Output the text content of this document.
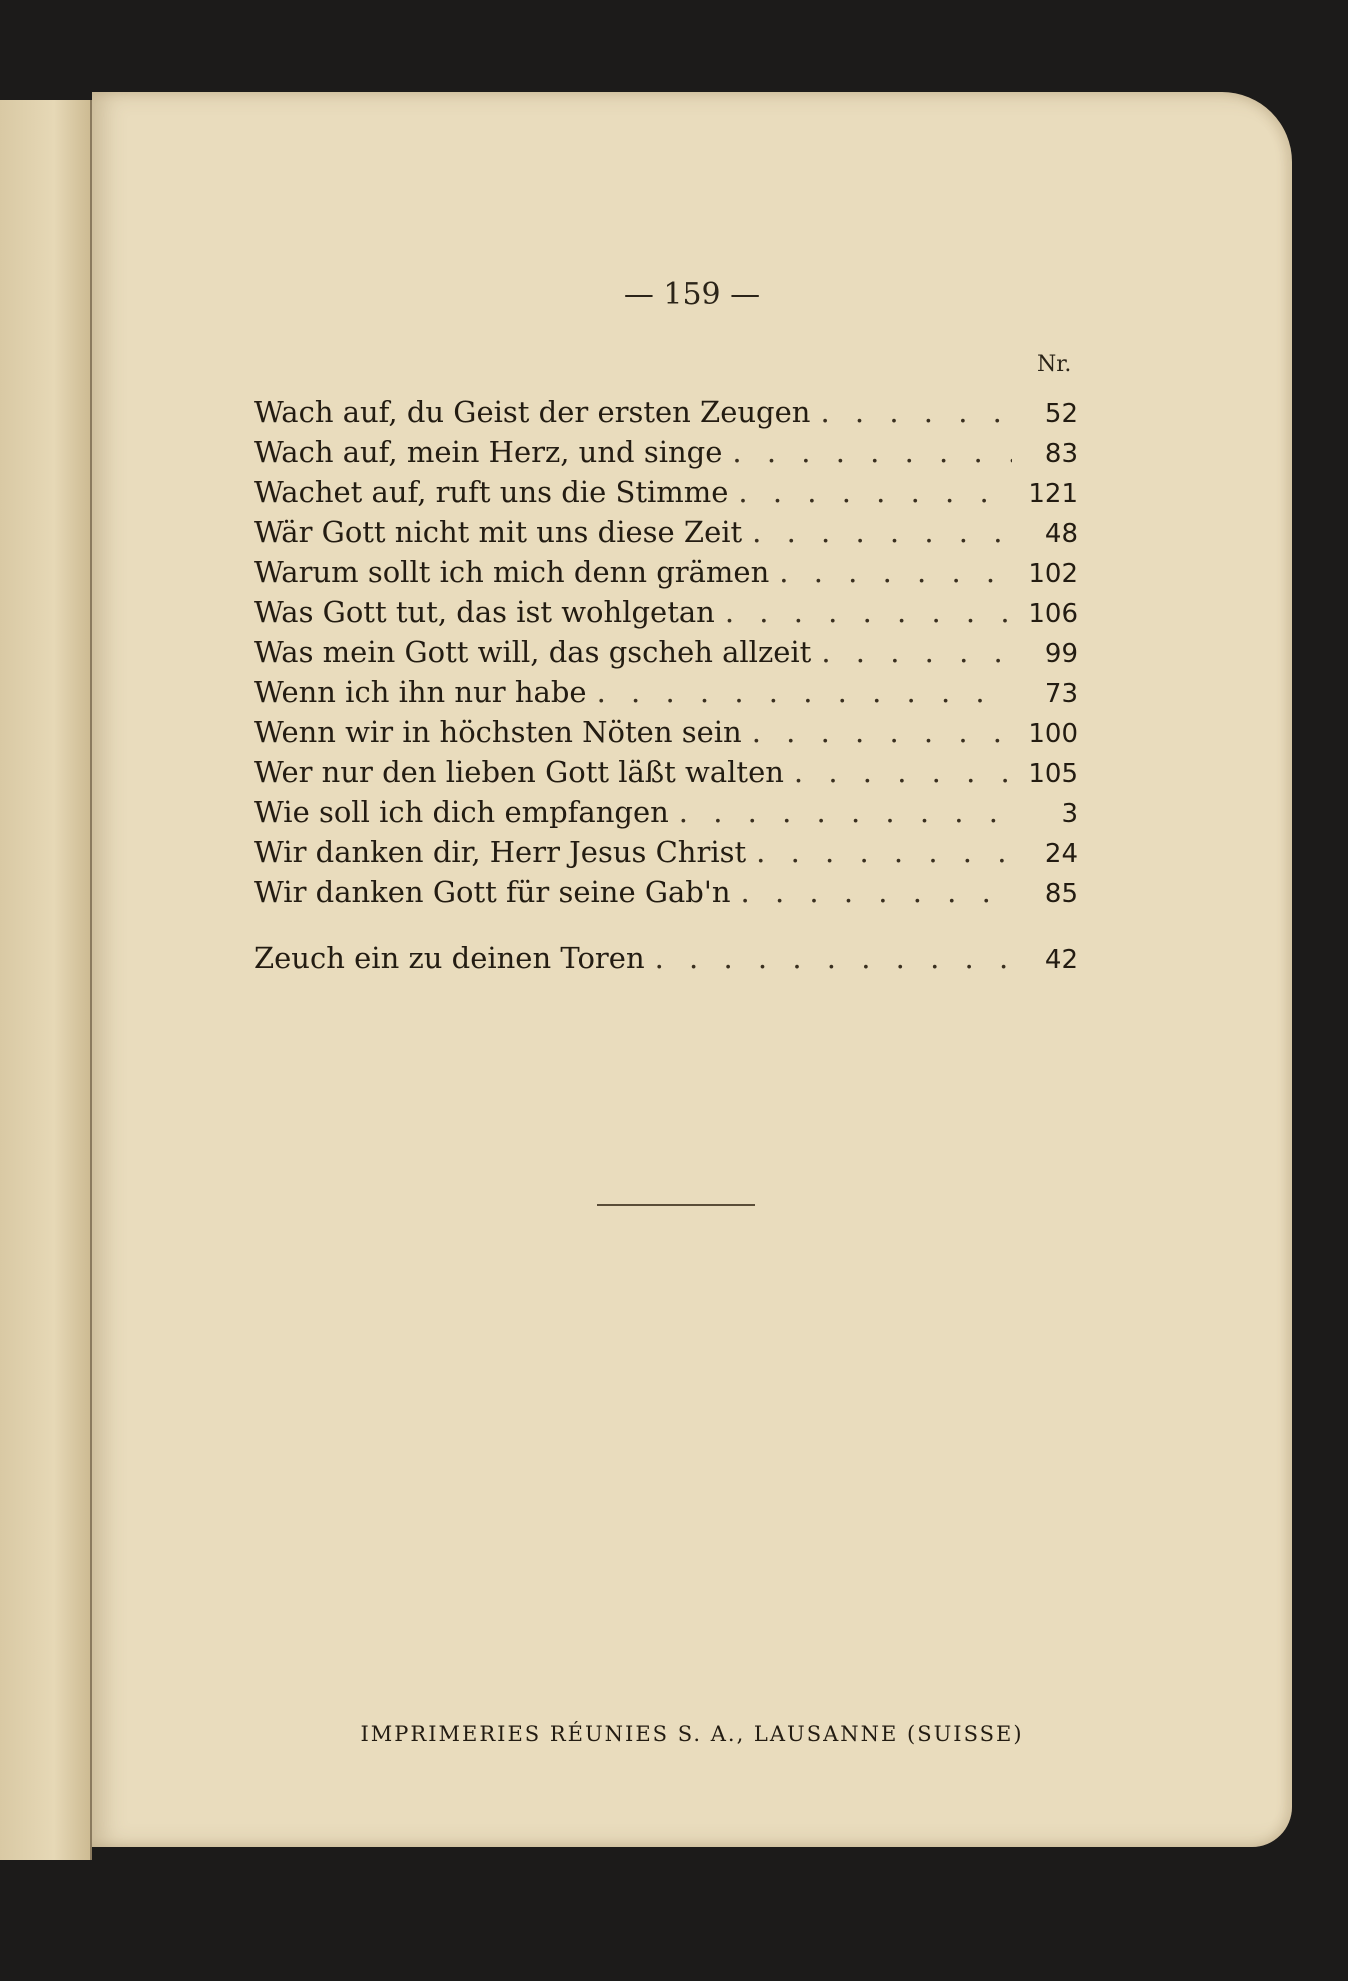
— 159 —
Nr.
Wach auf, du Geist der ersten Zeugen . . .	52
Wach auf, mein Herz, und singe . . .	83
Wachet auf, ruft uns die Stimme . . .	121
Wär Gott nicht mit uns diese Zeit . . .	48
Warum sollt ich mich denn grämen . . .	102
Was Gott tut, das ist wohlgetan . . .	106
Was mein Gott will, das gscheh allzeit . . .	99
Wenn ich ihn nur habe . . .	73
Wenn wir in höchsten Nöten sein . . .	100
Wer nur den lieben Gott läßt walten . . .	105
Wie soll ich dich empfangen . . .	3
Wir danken dir, Herr Jesus Christ . . .	24
Wir danken Gott für seine Gab'n . . .	85
Zeuch ein zu deinen Toren . . .	42
IMPRIMERIES RÉUNIES S. A., LAUSANNE (SUISSE)
